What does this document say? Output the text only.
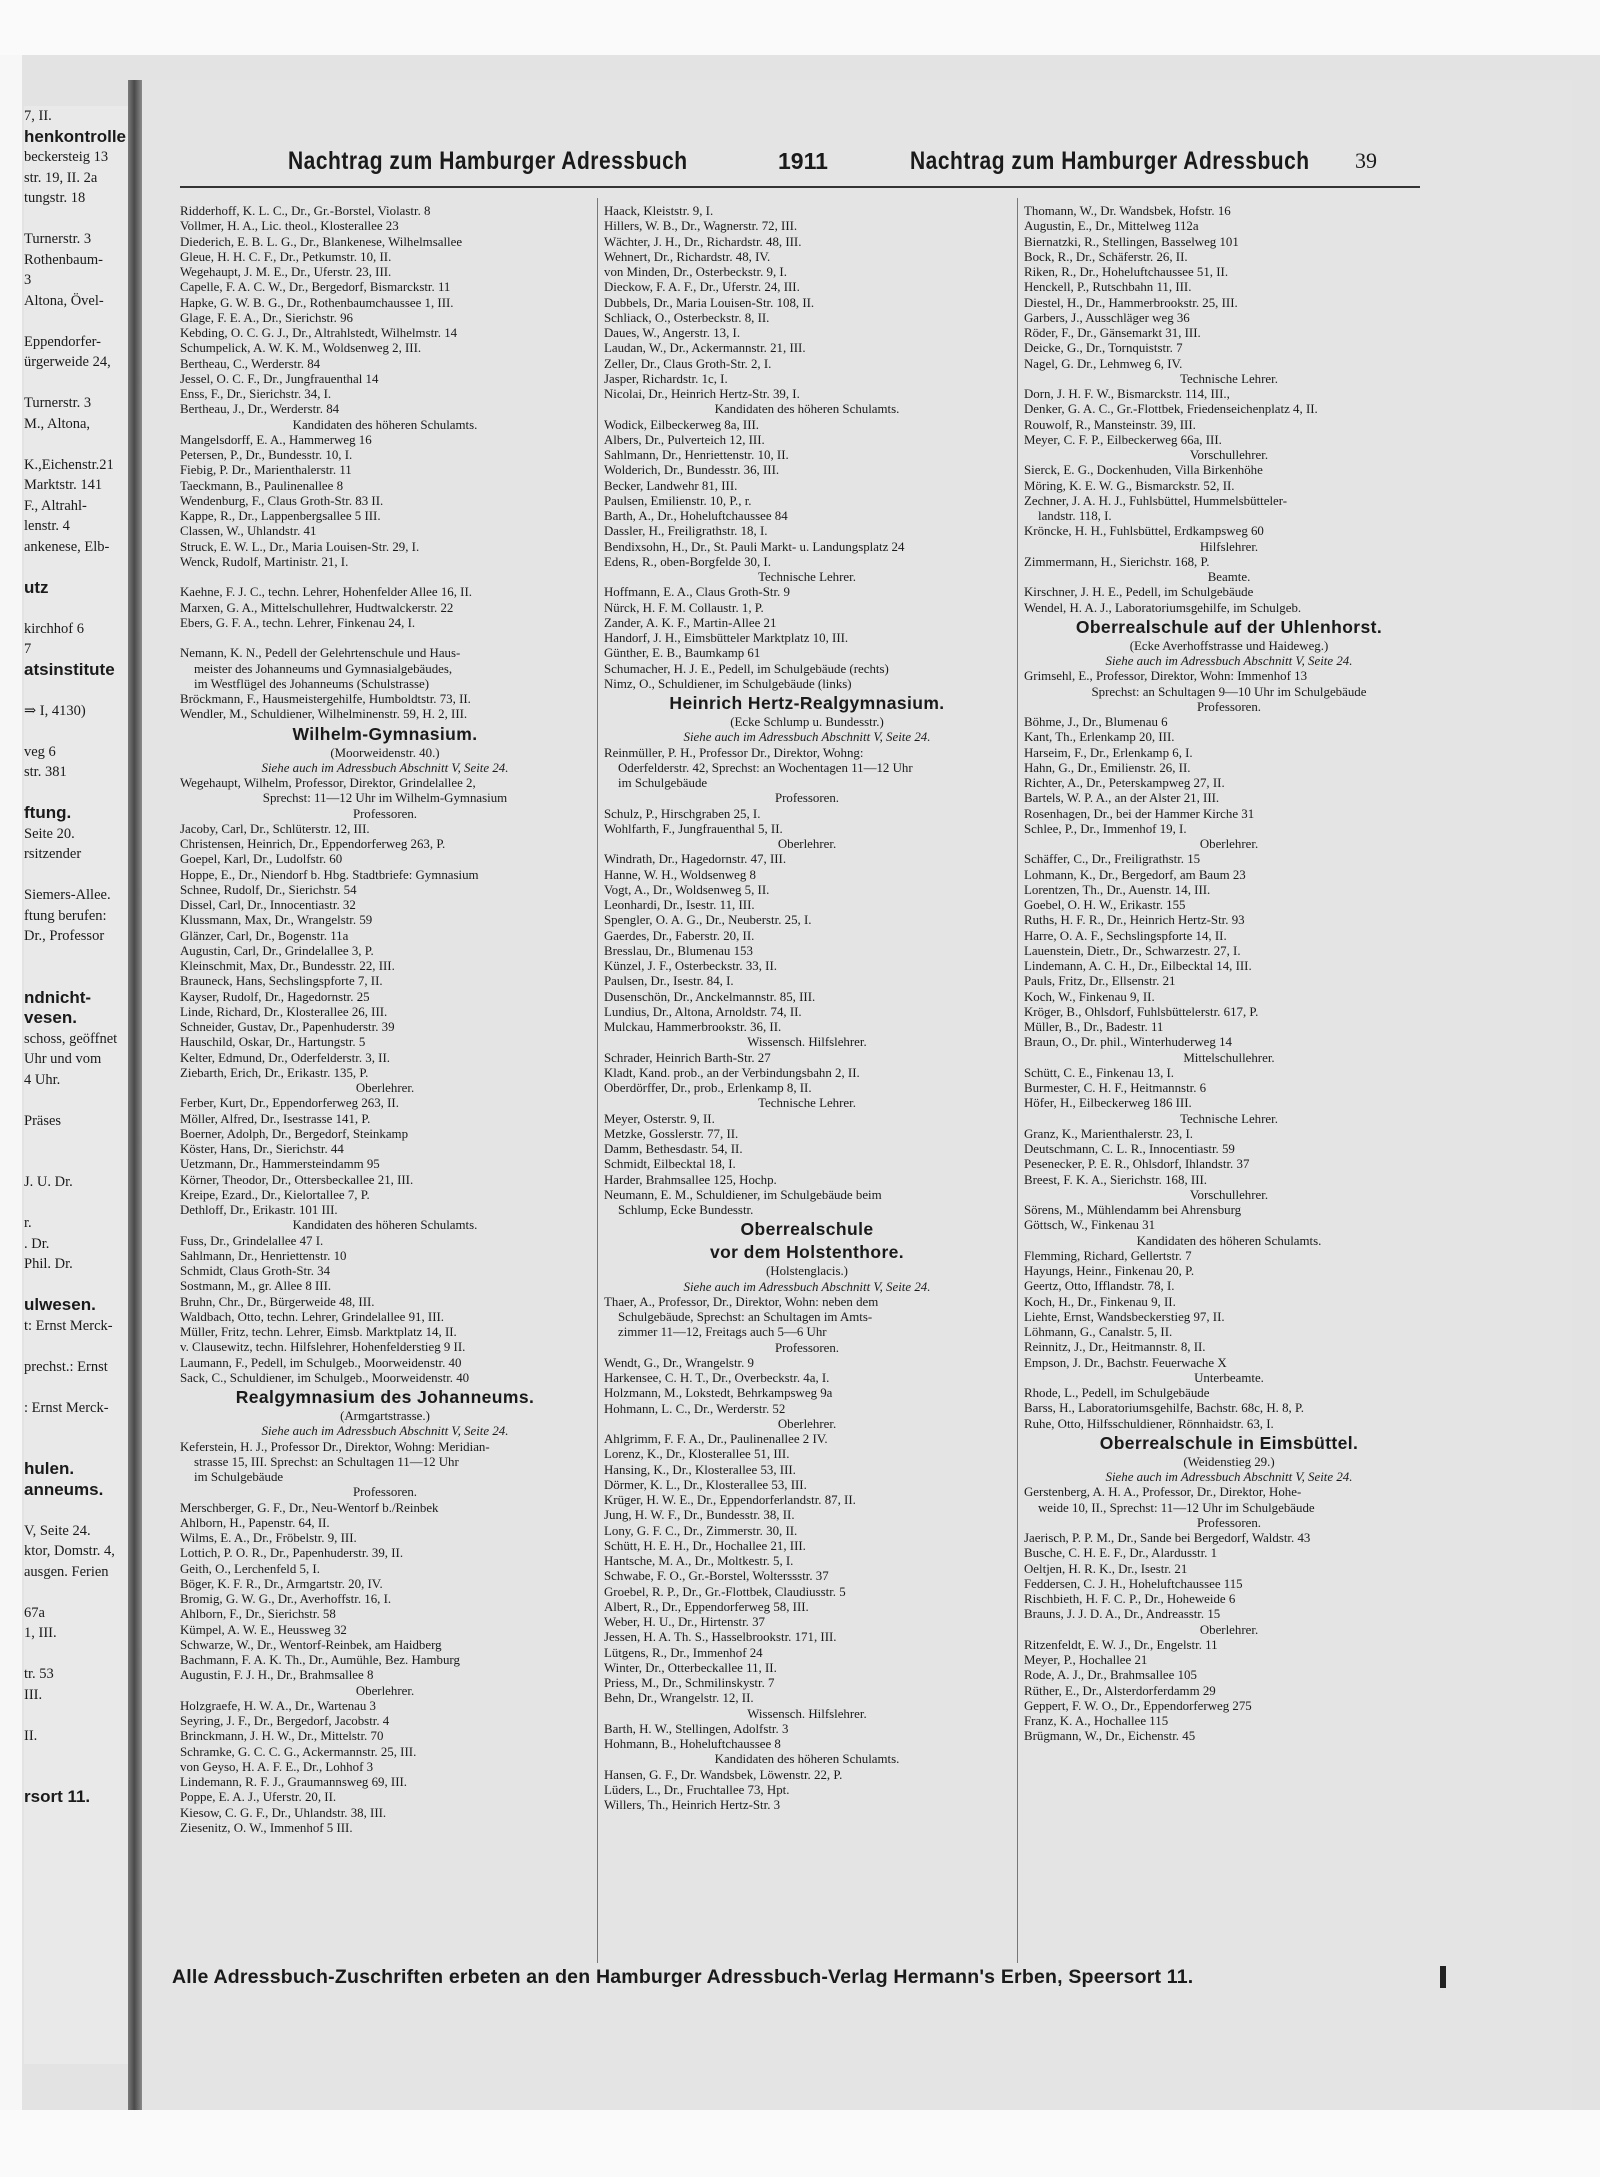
7, II.
henkontrolle
beckersteig 13
str. 19, II. 2a
tungstr. 18

Turnerstr. 3
Rothenbaum-
3
Altona, Övel-

Eppendorfer-
ürgerweide 24,

Turnerstr. 3
M., Altona,

K.,Eichenstr.21
Marktstr. 141
F., Altrahl-
lenstr. 4
ankenese, Elb-

utz

kirchhof 6
7
atsinstitute

⇒ I, 4130)

veg 6
str. 381

ftung.
Seite 20.
rsitzender

Siemers-Allee.
ftung berufen:
Dr., Professor

ndnicht-
vesen.
schoss, geöffnet
Uhr und vom
4 Uhr.

Präses

J. U. Dr.

r.
. Dr.
Phil. Dr.

ulwesen.
t: Ernst Merck-

prechst.: Ernst

: Ernst Merck-

hulen.
anneums.

V, Seite 24.
ktor, Domstr. 4,
ausgen. Ferien

67a
1, III.

tr. 53
III.

II.

rsort 11.
Nachtrag zum Hamburger Adressbuch	1911	Nachtrag zum Hamburger Adressbuch 39
Ridderhoff, K. L. C., Dr., Gr.-Borstel, Violastr. 8
Vollmer, H. A., Lic. theol., Klosterallee 23
Diederich, E. B. L. G., Dr., Blankenese, Wilhelmsallee
Gleue, H. H. C. F., Dr., Petkumstr. 10, II.
Wegehaupt, J. M. E., Dr., Uferstr. 23, III.
Capelle, F. A. C. W., Dr., Bergedorf, Bismarckstr. 11
Hapke, G. W. B. G., Dr., Rothenbaumchaussee 1, III.
Glage, F. E. A., Dr., Sierichstr. 96
Kebding, O. C. G. J., Dr., Altrahlstedt, Wilhelmstr. 14
Schumpelick, A. W. K. M., Woldsenweg 2, III.
Bertheau, C., Werderstr. 84
Jessel, O. C. F., Dr., Jungfrauenthal 14
Enss, F., Dr., Sierichstr. 34, I.
Bertheau, J., Dr., Werderstr. 84
Kandidaten des höheren Schulamts.
Mangelsdorff, E. A., Hammerweg 16
Petersen, P., Dr., Bundesstr. 10, I.
Fiebig, P. Dr., Marienthalerstr. 11
Taeckmann, B., Paulinenallee 8
Wendenburg, F., Claus Groth-Str. 83 II.
Kappe, R., Dr., Lappenbergsallee 5 III.
Classen, W., Uhlandstr. 41
Struck, E. W. L., Dr., Maria Louisen-Str. 29, I.
Wenck, Rudolf, Martinistr. 21, I.

Kaehne, F. J. C., techn. Lehrer, Hohenfelder Allee 16, II.
Marxen, G. A., Mittelschullehrer, Hudtwalckerstr. 22
Ebers, G. F. A., techn. Lehrer, Finkenau 24, I.

Nemann, K. N., Pedell der Gelehrtenschule und Haus-
meister des Johanneums und Gymnasialgebäudes,
im Westflügel des Johanneums (Schulstrasse)
Bröckmann, F., Hausmeistergehilfe, Humboldtstr. 73, II.
Wendler, M., Schuldiener, Wilhelminenstr. 59, H. 2, III.
Wilhelm-Gymnasium.
(Moorweidenstr. 40.)
Siehe auch im Adressbuch Abschnitt V, Seite 24.
Wegehaupt, Wilhelm, Professor, Direktor, Grindelallee 2,
Sprechst: 11—12 Uhr im Wilhelm-Gymnasium
Professoren.
Jacoby, Carl, Dr., Schlüterstr. 12, III.
Christensen, Heinrich, Dr., Eppendorferweg 263, P.
Goepel, Karl, Dr., Ludolfstr. 60
Hoppe, E., Dr., Niendorf b. Hbg. Stadtbriefe: Gymnasium
Schnee, Rudolf, Dr., Sierichstr. 54
Dissel, Carl, Dr., Innocentiastr. 32
Klussmann, Max, Dr., Wrangelstr. 59
Glänzer, Carl, Dr., Bogenstr. 11a
Augustin, Carl, Dr., Grindelallee 3, P.
Kleinschmit, Max, Dr., Bundesstr. 22, III.
Brauneck, Hans, Sechslingspforte 7, II.
Kayser, Rudolf, Dr., Hagedornstr. 25
Linde, Richard, Dr., Klosterallee 26, III.
Schneider, Gustav, Dr., Papenhuderstr. 39
Hauschild, Oskar, Dr., Hartungstr. 5
Kelter, Edmund, Dr., Oderfelderstr. 3, II.
Ziebarth, Erich, Dr., Erikastr. 135, P.
Oberlehrer.
Ferber, Kurt, Dr., Eppendorferweg 263, II.
Möller, Alfred, Dr., Isestrasse 141, P.
Boerner, Adolph, Dr., Bergedorf, Steinkamp
Köster, Hans, Dr., Sierichstr. 44
Uetzmann, Dr., Hammersteindamm 95
Körner, Theodor, Dr., Ottersbeckallee 21, III.
Kreipe, Ezard., Dr., Kielortallee 7, P.
Dethloff, Dr., Erikastr. 101 III.
Kandidaten des höheren Schulamts.
Fuss, Dr., Grindelallee 47 I.
Sahlmann, Dr., Henriettenstr. 10
Schmidt, Claus Groth-Str. 34
Sostmann, M., gr. Allee 8 III.
Bruhn, Chr., Dr., Bürgerweide 48, III.
Waldbach, Otto, techn. Lehrer, Grindelallee 91, III.
Müller, Fritz, techn. Lehrer, Eimsb. Marktplatz 14, II.
v. Clausewitz, techn. Hilfslehrer, Hohenfelderstieg 9 II.
Laumann, F., Pedell, im Schulgeb., Moorweidenstr. 40
Sack, C., Schuldiener, im Schulgeb., Moorweidenstr. 40
Realgymnasium des Johanneums.
(Armgartstrasse.)
Siehe auch im Adressbuch Abschnitt V, Seite 24.
Keferstein, H. J., Professor Dr., Direktor, Wohng: Meridian-
strasse 15, III. Sprechst: an Schultagen 11—12 Uhr
im Schulgebäude
Professoren.
Merschberger, G. F., Dr., Neu-Wentorf b./Reinbek
Ahlborn, H., Papenstr. 64, II.
Wilms, E. A., Dr., Fröbelstr. 9, III.
Lottich, P. O. R., Dr., Papenhuderstr. 39, II.
Geith, O., Lerchenfeld 5, I.
Böger, K. F. R., Dr., Armgartstr. 20, IV.
Bromig, G. W. G., Dr., Averhoffstr. 16, I.
Ahlborn, F., Dr., Sierichstr. 58
Kümpel, A. W. E., Heussweg 32
Schwarze, W., Dr., Wentorf-Reinbek, am Haidberg
Bachmann, F. A. K. Th., Dr., Aumühle, Bez. Hamburg
Augustin, F. J. H., Dr., Brahmsallee 8
Oberlehrer.
Holzgraefe, H. W. A., Dr., Wartenau 3
Seyring, J. F., Dr., Bergedorf, Jacobstr. 4
Brinckmann, J. H. W., Dr., Mittelstr. 70
Schramke, G. C. C. G., Ackermannstr. 25, III.
von Geyso, H. A. F. E., Dr., Lohhof 3
Lindemann, R. F. J., Graumannsweg 69, III.
Poppe, E. A. J., Uferstr. 20, II.
Kiesow, C. G. F., Dr., Uhlandstr. 38, III.
Ziesenitz, O. W., Immenhof 5 III.
Haack, Kleiststr. 9, I.
Hillers, W. B., Dr., Wagnerstr. 72, III.
Wächter, J. H., Dr., Richardstr. 48, III.
Wehnert, Dr., Richardstr. 48, IV.
von Minden, Dr., Osterbeckstr. 9, I.
Dieckow, F. A. F., Dr., Uferstr. 24, III.
Dubbels, Dr., Maria Louisen-Str. 108, II.
Schliack, O., Osterbeckstr. 8, II.
Daues, W., Angerstr. 13, I.
Laudan, W., Dr., Ackermannstr. 21, III.
Zeller, Dr., Claus Groth-Str. 2, I.
Jasper, Richardstr. 1c, I.
Nicolai, Dr., Heinrich Hertz-Str. 39, I.
Kandidaten des höheren Schulamts.
Wodick, Eilbeckerweg 8a, III.
Albers, Dr., Pulverteich 12, III.
Sahlmann, Dr., Henriettenstr. 10, II.
Wolderich, Dr., Bundesstr. 36, III.
Becker, Landwehr 81, III.
Paulsen, Emilienstr. 10, P., r.
Barth, A., Dr., Hoheluftchaussee 84
Dassler, H., Freiligrathstr. 18, I.
Bendixsohn, H., Dr., St. Pauli Markt- u. Landungsplatz 24
Edens, R., oben-Borgfelde 30, I.
Technische Lehrer.
Hoffmann, E. A., Claus Groth-Str. 9
Nürck, H. F. M. Collaustr. 1, P.
Zander, A. K. F., Martin-Allee 21
Handorf, J. H., Eimsbütteler Marktplatz 10, III.
Günther, E. B., Baumkamp 61
Schumacher, H. J. E., Pedell, im Schulgebäude (rechts)
Nimz, O., Schuldiener, im Schulgebäude (links)
Heinrich Hertz-Realgymnasium.
(Ecke Schlump u. Bundesstr.)
Siehe auch im Adressbuch Abschnitt V, Seite 24.
Reinmüller, P. H., Professor Dr., Direktor, Wohng:
Oderfelderstr. 42, Sprechst: an Wochentagen 11—12 Uhr
im Schulgebäude
Professoren.
Schulz, P., Hirschgraben 25, I.
Wohlfarth, F., Jungfrauenthal 5, II.
Oberlehrer.
Windrath, Dr., Hagedornstr. 47, III.
Hanne, W. H., Woldsenweg 8
Vogt, A., Dr., Woldsenweg 5, II.
Leonhardi, Dr., Isestr. 11, III.
Spengler, O. A. G., Dr., Neuberstr. 25, I.
Gaerdes, Dr., Faberstr. 20, II.
Bresslau, Dr., Blumenau 153
Künzel, J. F., Osterbeckstr. 33, II.
Paulsen, Dr., Isestr. 84, I.
Dusenschön, Dr., Anckelmannstr. 85, III.
Lundius, Dr., Altona, Arnoldstr. 74, II.
Mulckau, Hammerbrookstr. 36, II.
Wissensch. Hilfslehrer.
Schrader, Heinrich Barth-Str. 27
Kladt, Kand. prob., an der Verbindungsbahn 2, II.
Oberdörffer, Dr., prob., Erlenkamp 8, II.
Technische Lehrer.
Meyer, Osterstr. 9, II.
Metzke, Gosslerstr. 77, II.
Damm, Bethesdastr. 54, II.
Schmidt, Eilbecktal 18, I.
Harder, Brahmsallee 125, Hochp.
Neumann, E. M., Schuldiener, im Schulgebäude beim
Schlump, Ecke Bundesstr.
Oberrealschule
vor dem Holstenthore.
(Holstenglacis.)
Siehe auch im Adressbuch Abschnitt V, Seite 24.
Thaer, A., Professor, Dr., Direktor, Wohn: neben dem
Schulgebäude, Sprechst: an Schultagen im Amts-
zimmer 11—12, Freitags auch 5—6 Uhr
Professoren.
Wendt, G., Dr., Wrangelstr. 9
Harkensee, C. H. T., Dr., Overbeckstr. 4a, I.
Holzmann, M., Lokstedt, Behrkampsweg 9a
Hohmann, L. C., Dr., Werderstr. 52
Oberlehrer.
Ahlgrimm, F. F. A., Dr., Paulinenallee 2 IV.
Lorenz, K., Dr., Klosterallee 51, III.
Hansing, K., Dr., Klosterallee 53, III.
Dörmer, K. L., Dr., Klosterallee 53, III.
Krüger, H. W. E., Dr., Eppendorferlandstr. 87, II.
Jung, H. W. F., Dr., Bundesstr. 38, II.
Lony, G. F. C., Dr., Zimmerstr. 30, II.
Schütt, H. E. H., Dr., Hochallee 21, III.
Hantsche, M. A., Dr., Moltkestr. 5, I.
Schwabe, F. O., Gr.-Borstel, Wolterssstr. 37
Groebel, R. P., Dr., Gr.-Flottbek, Claudiusstr. 5
Albert, R., Dr., Eppendorferweg 58, III.
Weber, H. U., Dr., Hirtenstr. 37
Jessen, H. A. Th. S., Hasselbrookstr. 171, III.
Lütgens, R., Dr., Immenhof 24
Winter, Dr., Otterbeckallee 11, II.
Priess, M., Dr., Schmilinskystr. 7
Behn, Dr., Wrangelstr. 12, II.
Wissensch. Hilfslehrer.
Barth, H. W., Stellingen, Adolfstr. 3
Hohmann, B., Hoheluftchaussee 8
Kandidaten des höheren Schulamts.
Hansen, G. F., Dr. Wandsbek, Löwenstr. 22, P.
Lüders, L., Dr., Fruchtallee 73, Hpt.
Willers, Th., Heinrich Hertz-Str. 3
Thomann, W., Dr. Wandsbek, Hofstr. 16
Augustin, E., Dr., Mittelweg 112a
Biernatzki, R., Stellingen, Basselweg 101
Bock, R., Dr., Schäferstr. 26, II.
Riken, R., Dr., Hoheluftchaussee 51, II.
Henckell, P., Rutschbahn 11, III.
Diestel, H., Dr., Hammerbrookstr. 25, III.
Garbers, J., Ausschläger weg 36
Röder, F., Dr., Gänsemarkt 31, III.
Deicke, G., Dr., Tornquiststr. 7
Nagel, G. Dr., Lehmweg 6, IV.
Technische Lehrer.
Dorn, J. H. F. W., Bismarckstr. 114, III.,
Denker, G. A. C., Gr.-Flottbek, Friedenseichenplatz 4, II.
Rouwolf, R., Mansteinstr. 39, III.
Meyer, C. F. P., Eilbeckerweg 66a, III.
Vorschullehrer.
Sierck, E. G., Dockenhuden, Villa Birkenhöhe
Möring, K. E. W. G., Bismarckstr. 52, II.
Zechner, J. A. H. J., Fuhlsbüttel, Hummelsbütteler-
landstr. 118, I.
Kröncke, H. H., Fuhlsbüttel, Erdkampsweg 60
Hilfslehrer.
Zimmermann, H., Sierichstr. 168, P.
Beamte.
Kirschner, J. H. E., Pedell, im Schulgebäude
Wendel, H. A. J., Laboratoriumsgehilfe, im Schulgeb.
Oberrealschule auf der Uhlenhorst.
(Ecke Averhoffstrasse und Haideweg.)
Siehe auch im Adressbuch Abschnitt V, Seite 24.
Grimsehl, E., Professor, Direktor, Wohn: Immenhof 13
Sprechst: an Schultagen 9—10 Uhr im Schulgebäude
Professoren.
Böhme, J., Dr., Blumenau 6
Kant, Th., Erlenkamp 20, III.
Harseim, F., Dr., Erlenkamp 6, I.
Hahn, G., Dr., Emilienstr. 26, II.
Richter, A., Dr., Peterskampweg 27, II.
Bartels, W. P. A., an der Alster 21, III.
Rosenhagen, Dr., bei der Hammer Kirche 31
Schlee, P., Dr., Immenhof 19, I.
Oberlehrer.
Schäffer, C., Dr., Freiligrathstr. 15
Lohmann, K., Dr., Bergedorf, am Baum 23
Lorentzen, Th., Dr., Auenstr. 14, III.
Goebel, O. H. W., Erikastr. 155
Ruths, H. F. R., Dr., Heinrich Hertz-Str. 93
Harre, O. A. F., Sechslingspforte 14, II.
Lauenstein, Dietr., Dr., Schwarzestr. 27, I.
Lindemann, A. C. H., Dr., Eilbecktal 14, III.
Pauls, Fritz, Dr., Ellsenstr. 21
Koch, W., Finkenau 9, II.
Kröger, B., Ohlsdorf, Fuhlsbüttelerstr. 617, P.
Müller, B., Dr., Badestr. 11
Braun, O., Dr. phil., Winterhuderweg 14
Mittelschullehrer.
Schütt, C. E., Finkenau 13, I.
Burmester, C. H. F., Heitmannstr. 6
Höfer, H., Eilbeckerweg 186 III.
Technische Lehrer.
Granz, K., Marienthalerstr. 23, I.
Deutschmann, C. L. R., Innocentiastr. 59
Pesenecker, P. E. R., Ohlsdorf, Ihlandstr. 37
Breest, F. K. A., Sierichstr. 168, III.
Vorschullehrer.
Sörens, M., Mühlendamm bei Ahrensburg
Göttsch, W., Finkenau 31
Kandidaten des höheren Schulamts.
Flemming, Richard, Gellertstr. 7
Hayungs, Heinr., Finkenau 20, P.
Geertz, Otto, Ifflandstr. 78, I.
Koch, H., Dr., Finkenau 9, II.
Liehte, Ernst, Wandsbeckerstieg 97, II.
Löhmann, G., Canalstr. 5, II.
Reinnitz, J., Dr., Heitmannstr. 8, II.
Empson, J. Dr., Bachstr. Feuerwache X
Unterbeamte.
Rhode, L., Pedell, im Schulgebäude
Barss, H., Laboratoriumsgehilfe, Bachstr. 68c, H. 8, P.
Ruhe, Otto, Hilfsschuldiener, Rönnhaidstr. 63, I.
Oberrealschule in Eimsbüttel.
(Weidenstieg 29.)
Siehe auch im Adressbuch Abschnitt V, Seite 24.
Gerstenberg, A. H. A., Professor, Dr., Direktor, Hohe-
weide 10, II., Sprechst: 11—12 Uhr im Schulgebäude
Professoren.
Jaerisch, P. P. M., Dr., Sande bei Bergedorf, Waldstr. 43
Busche, C. H. E. F., Dr., Alardusstr. 1
Oeltjen, H. R. K., Dr., Isestr. 21
Feddersen, C. J. H., Hoheluftchaussee 115
Rischbieth, H. F. C. P., Dr., Hoheweide 6
Brauns, J. J. D. A., Dr., Andreasstr. 15
Oberlehrer.
Ritzenfeldt, E. W. J., Dr., Engelstr. 11
Meyer, P., Hochallee 21
Rode, A. J., Dr., Brahmsallee 105
Rüther, E., Dr., Alsterdorferdamm 29
Geppert, F. W. O., Dr., Eppendorferweg 275
Franz, K. A., Hochallee 115
Brügmann, W., Dr., Eichenstr. 45
Alle Adressbuch-Zuschriften erbeten an den Hamburger Adressbuch-Verlag Hermann's Erben, Speersort 11.
